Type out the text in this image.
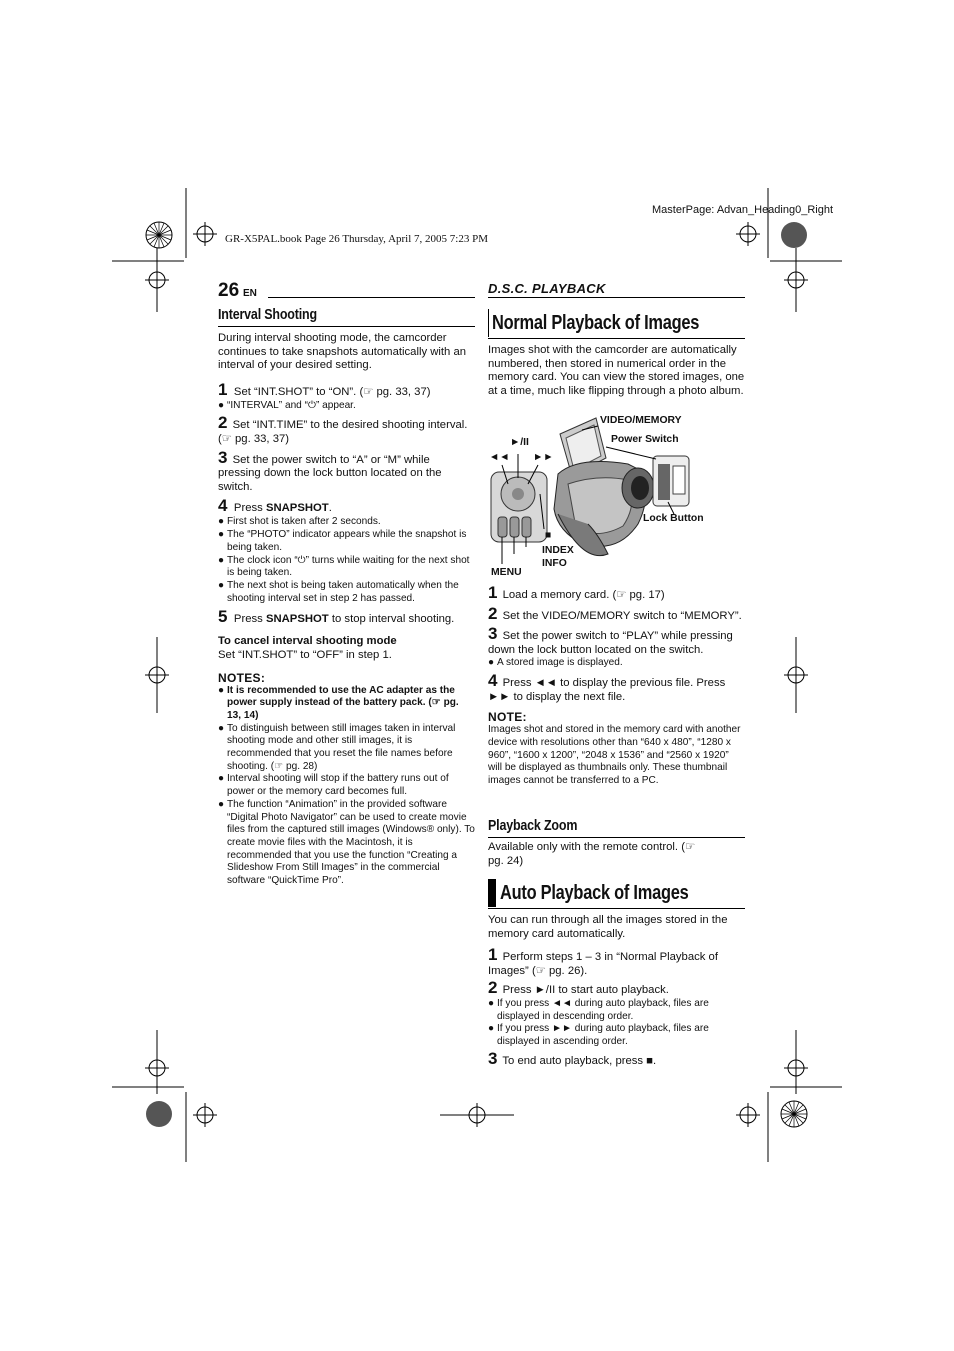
MasterPage: Advan_Heading0_Right
GR-X5PAL.book Page 26 Thursday, April 7, 2005 7:23 PM
26 EN	D.S.C. PLAYBACK
Interval Shooting

During interval shooting mode, the camcorder continues to take snapshots automatically with an interval of your desired setting.

1 Set “INT.SHOT” to “ON”. (☞ pg. 33, 37)
● “INTERVAL” and “⏻” appear.
2 Set “INT.TIME” to the desired shooting interval. (☞ pg. 33, 37)
3 Set the power switch to “A” or “M” while pressing down the lock button located on the switch.
4 Press SNAPSHOT.
● First shot is taken after 2 seconds.
● The “PHOTO” indicator appears while the snapshot is being taken.
● The clock icon “⏻” turns while waiting for the next shot is being taken.
● The next shot is being taken automatically when the shooting interval set in step 2 has passed.
5 Press SNAPSHOT to stop interval shooting.

To cancel interval shooting mode

Set “INT.SHOT” to “OFF” in step 1.

NOTES:

● It is recommended to use the AC adapter as the power supply instead of the battery pack. (☞ pg. 13, 14)
● To distinguish between still images taken in interval shooting mode and other still images, it is recommended that you reset the file names before shooting. (☞ pg. 28)
● Interval shooting will stop if the battery runs out of power or the memory card becomes full.
● The function “Animation” in the provided software “Digital Photo Navigator” can be used to create movie files from the captured still images (Windows® only). To create movie files with the Macintosh, it is recommended that you use the function “Creating a Slideshow From Still Images” in the commercial software “QuickTime Pro”.
Normal Playback of Images

Images shot with the camcorder are automatically numbered, then stored in numerical order in the memory card. You can view the stored images, one at a time, much like flipping through a photo album.

VIDEO/MEMORY
Power Switch
Lock Button
►/II
◄◄ ►►
■
INDEX
INFO
MENU
1 Load a memory card. (☞ pg. 17)
2 Set the VIDEO/MEMORY switch to “MEMORY”.
3 Set the power switch to “PLAY” while pressing down the lock button located on the switch.
● A stored image is displayed.
4 Press ◄◄ to display the previous file. Press ►► to display the next file.

NOTE:

Images shot and stored in the memory card with another device with resolutions other than “640 x 480”, “1280 x 960”, “1600 x 1200”, “2048 x 1536” and “2560 x 1920” will be displayed as thumbnails only. These thumbnail images cannot be transferred to a PC.

Playback Zoom

Available only with the remote control. (☞ pg. 24)

Auto Playback of Images

You can run through all the images stored in the memory card automatically.

1 Perform steps 1 – 3 in “Normal Playback of Images” (☞ pg. 26).
2 Press ►/II to start auto playback.
● If you press ◄◄ during auto playback, files are displayed in descending order.
● If you press ►► during auto playback, files are displayed in ascending order.
3 To end auto playback, press ■.
